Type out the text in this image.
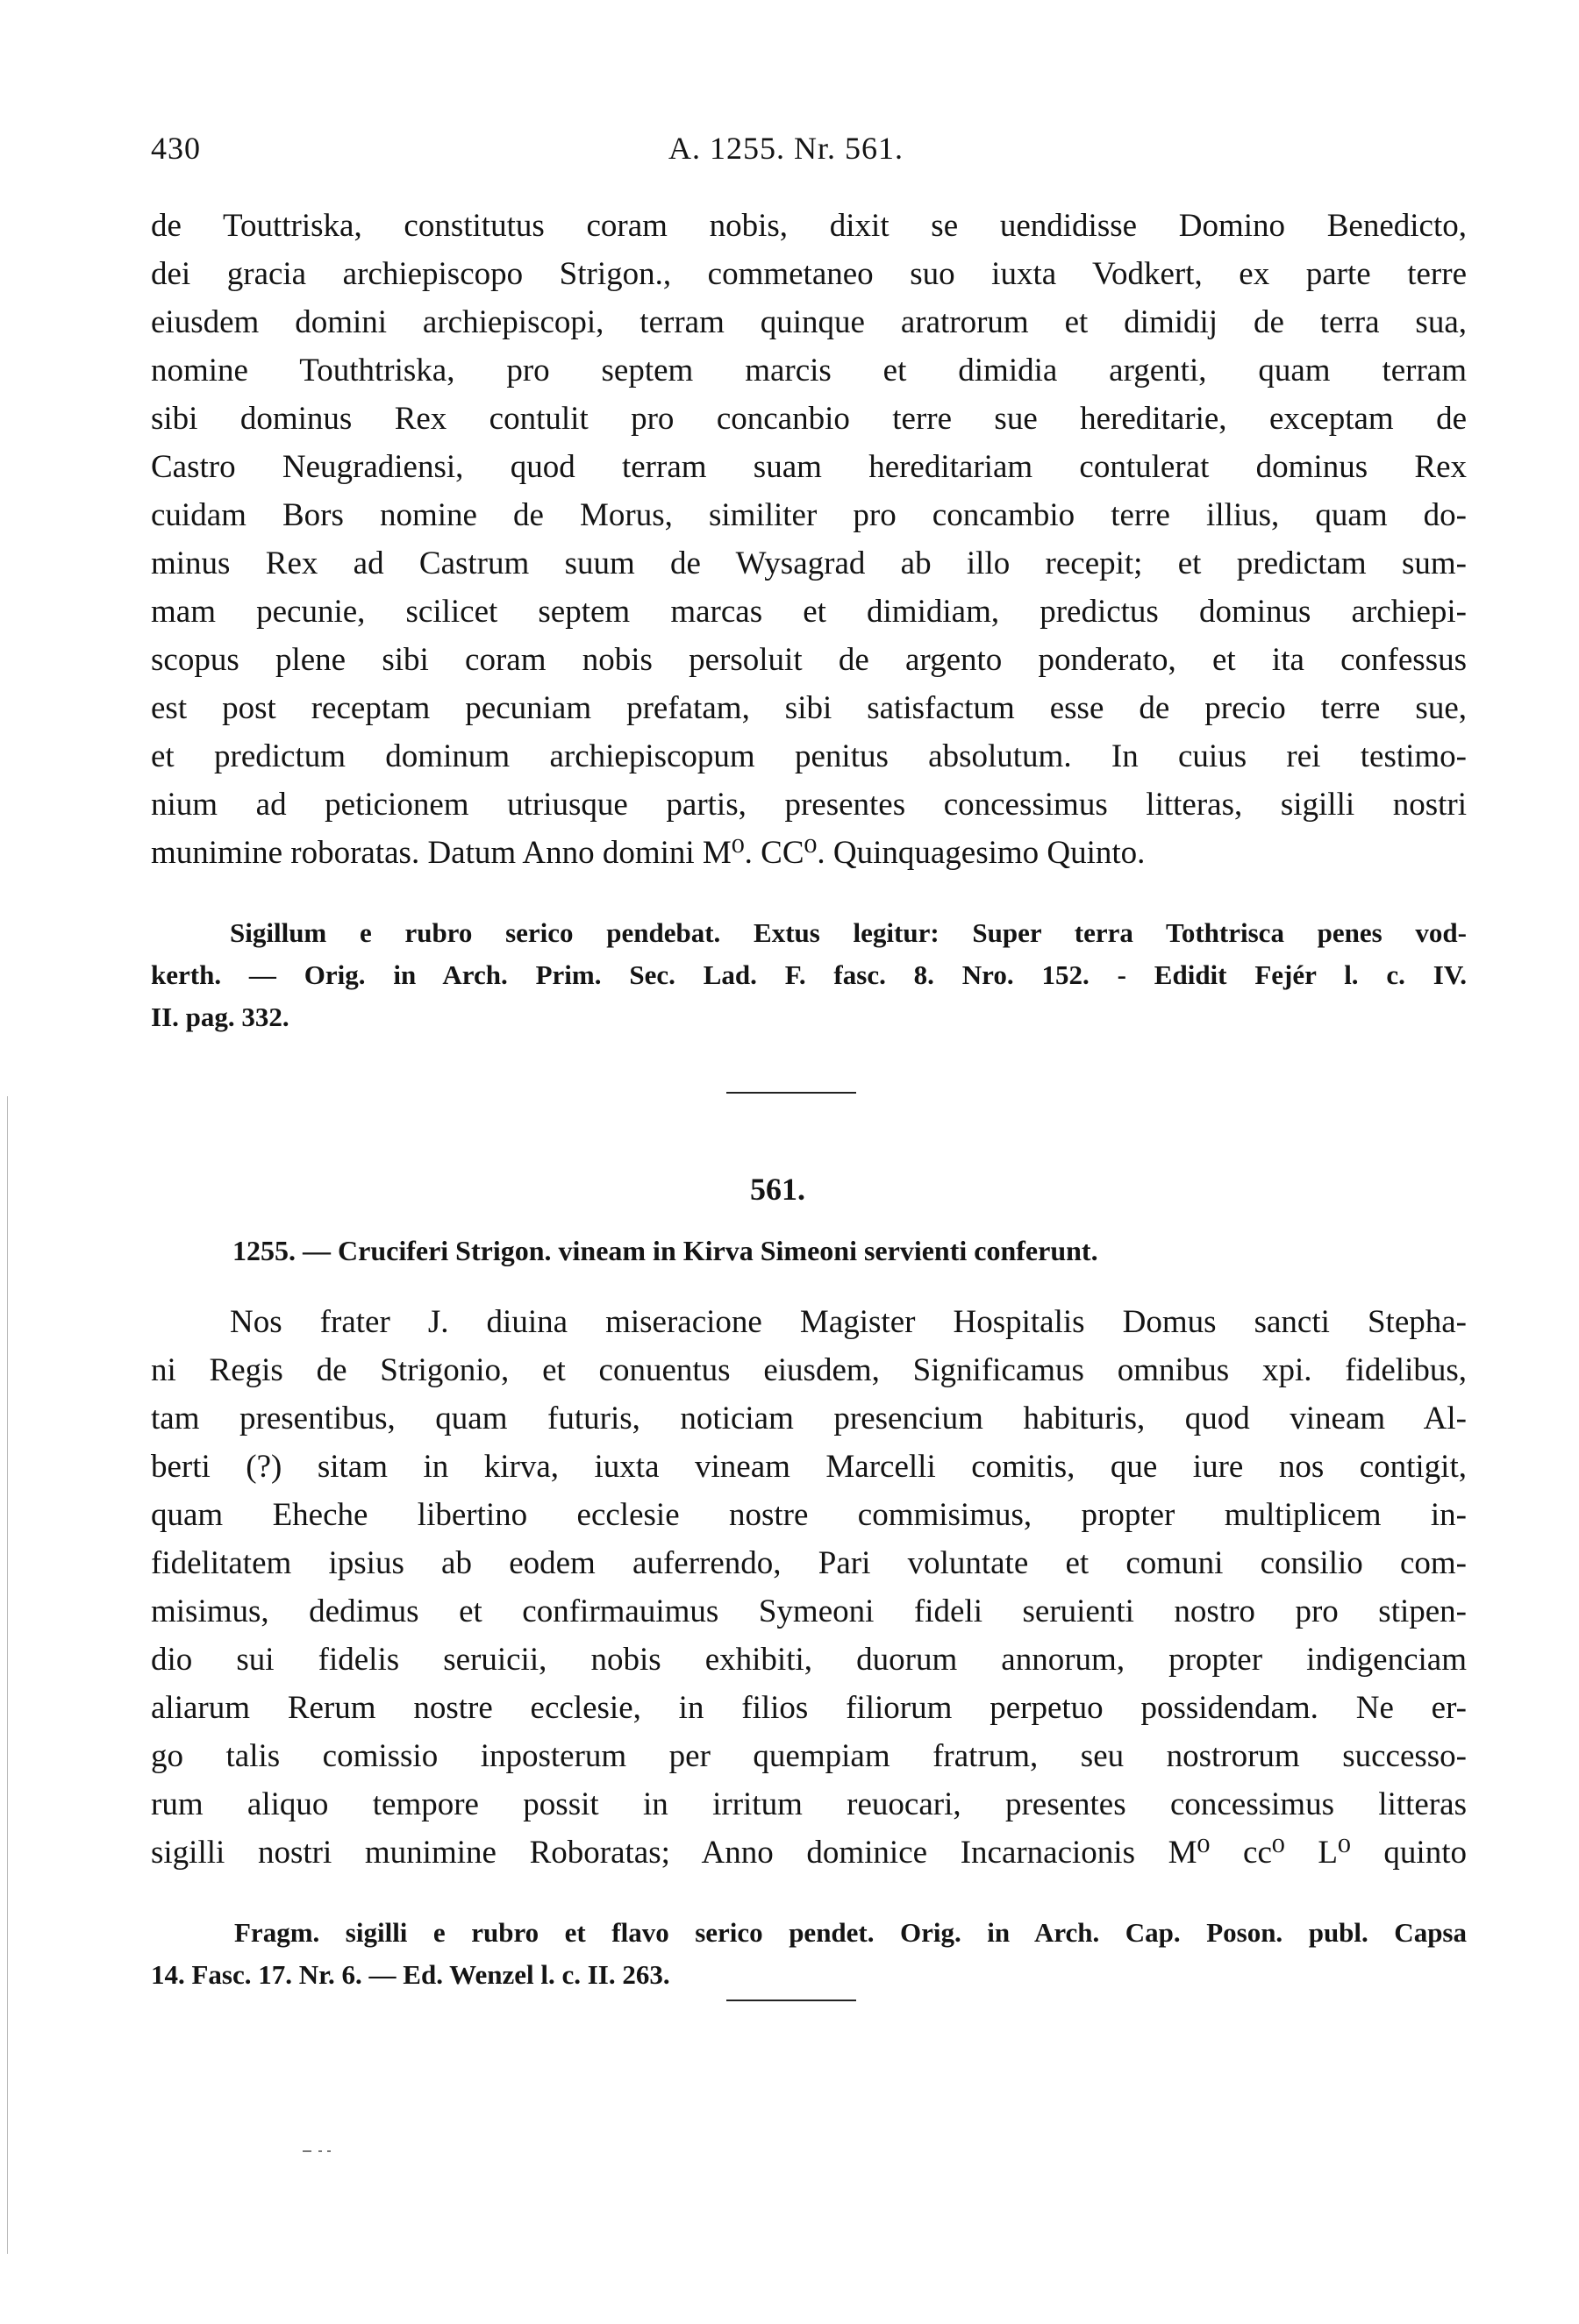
430	A. 1255. Nr. 561.
de Touttriska, constitutus coram nobis, dixit se uendidisse Domino Benedicto,
dei gracia archiepiscopo Strigon., commetaneo suo iuxta Vodkert, ex parte terre
eiusdem domini archiepiscopi, terram quinque aratrorum et dimidij de terra sua,
nomine Touthtriska, pro septem marcis et dimidia argenti, quam terram
sibi dominus Rex contulit pro concanbio terre sue hereditarie, exceptam de
Castro Neugradiensi, quod terram suam hereditariam contulerat dominus Rex
cuidam Bors nomine de Morus, similiter pro concambio terre illius, quam do-
minus Rex ad Castrum suum de Wysagrad ab illo recepit; et predictam sum-
mam pecunie, scilicet septem marcas et dimidiam, predictus dominus archiepi-
scopus plene sibi coram nobis persoluit de argento ponderato, et ita confessus
est post receptam pecuniam prefatam, sibi satisfactum esse de precio terre sue,
et predictum dominum archiepiscopum penitus absolutum. In cuius rei testimo-
nium ad peticionem utriusque partis, presentes concessimus litteras, sigilli nostri
munimine roboratas. Datum Anno domini M⁰. CC⁰. Quinquagesimo Quinto.
Sigillum e rubro serico pendebat. Extus legitur: Super terra Tothtrisca penes vod-
kerth. — Orig. in Arch. Prim. Sec. Lad. F. fasc. 8. Nro. 152. - Edidit Fejér l. c. IV.
II. pag. 332.
561.
1255. — Cruciferi Strigon. vineam in Kirva Simeoni servienti conferunt.
Nos frater J. diuina miseracione Magister Hospitalis Domus sancti Stepha-
ni Regis de Strigonio, et conuentus eiusdem, Significamus omnibus xpi. fidelibus,
tam presentibus, quam futuris, noticiam presencium habituris, quod vineam Al-
berti (?) sitam in kirva, iuxta vineam Marcelli comitis, que iure nos contigit,
quam Eheche libertino ecclesie nostre commisimus, propter multiplicem in-
fidelitatem ipsius ab eodem auferrendo, Pari voluntate et comuni consilio com-
misimus, dedimus et confirmauimus Symeoni fideli seruienti nostro pro stipen-
dio sui fidelis seruicii, nobis exhibiti, duorum annorum, propter indigenciam
aliarum Rerum nostre ecclesie, in filios filiorum perpetuo possidendam. Ne er-
go talis comissio inposterum per quempiam fratrum, seu nostrorum successo-
rum aliquo tempore possit in irritum reuocari, presentes concessimus litteras
sigilli nostri munimine Roboratas; Anno dominice Incarnacionis M⁰ cc⁰ L⁰ quinto
Fragm. sigilli e rubro et flavo serico pendet. Orig. in Arch. Cap. Poson. publ. Capsa
14. Fasc. 17. Nr. 6. — Ed. Wenzel l. c. II. 263.
